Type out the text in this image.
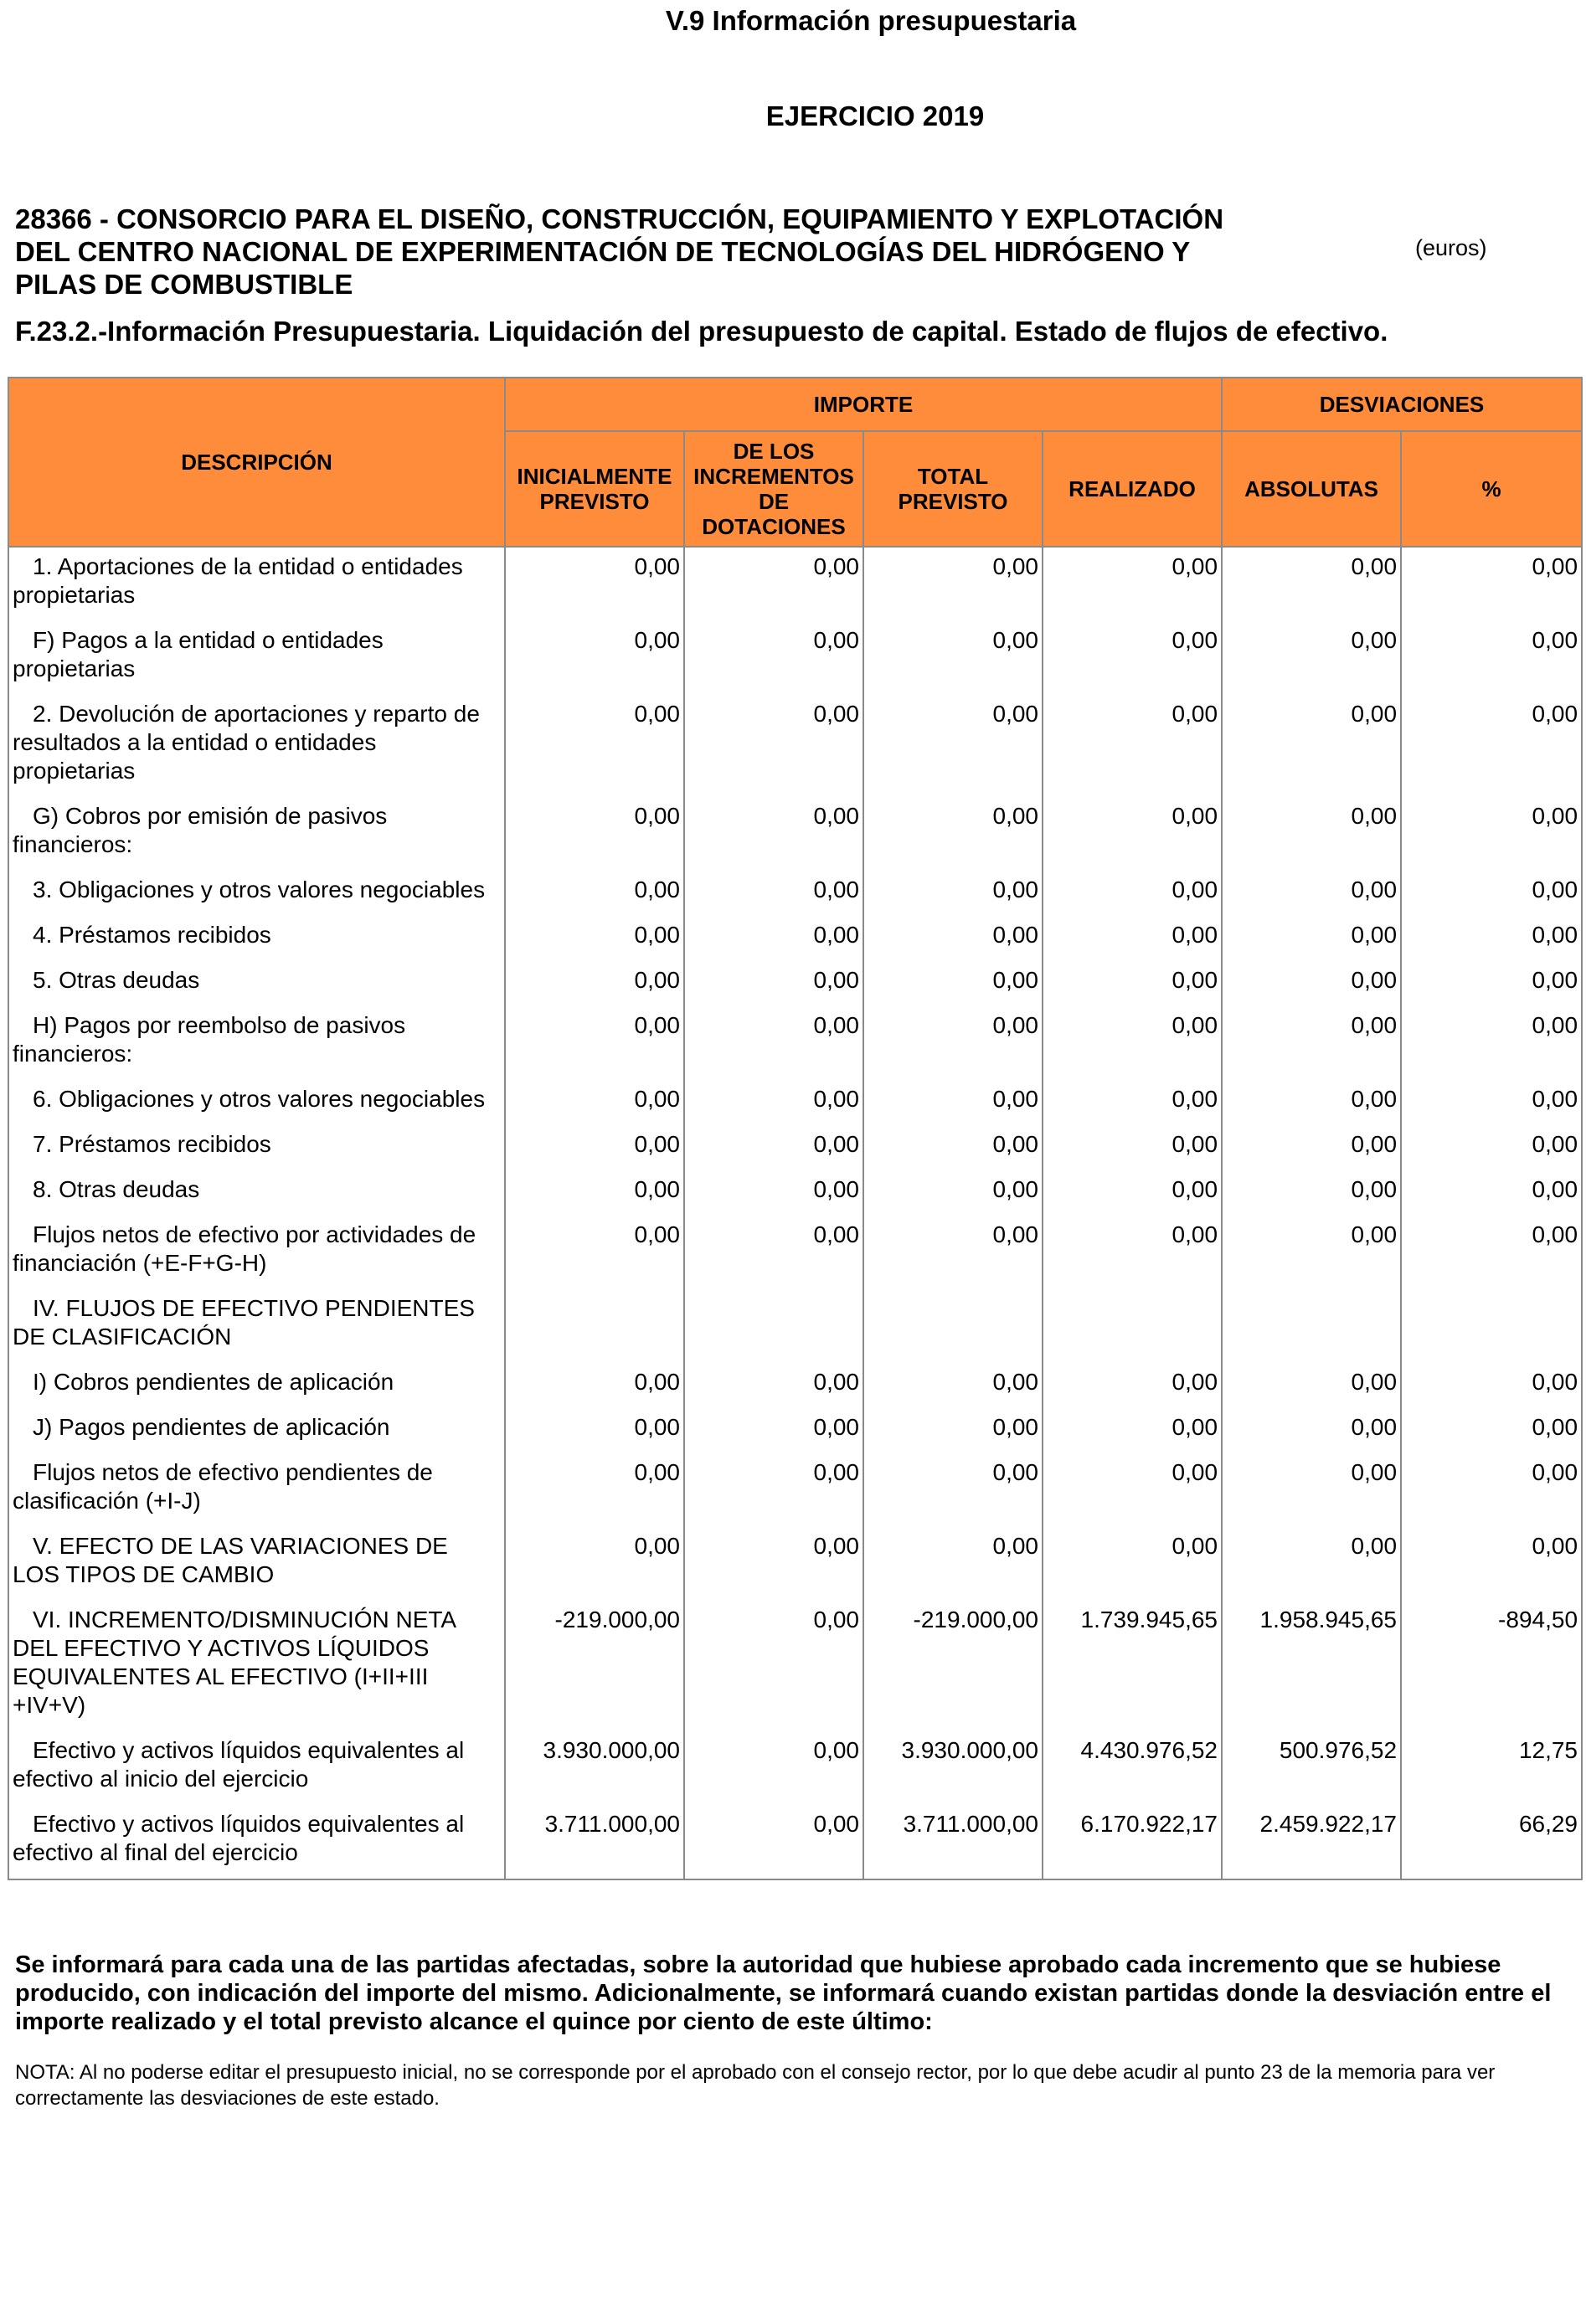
V.9 Información presupuestaria
EJERCICIO 2019
28366 - CONSORCIO PARA EL DISEÑO, CONSTRUCCIÓN, EQUIPAMIENTO Y EXPLOTACIÓN
DEL CENTRO NACIONAL DE EXPERIMENTACIÓN DE TECNOLOGÍAS DEL HIDRÓGENO Y
PILAS DE COMBUSTIBLE
(euros)
F.23.2.-Información Presupuestaria. Liquidación del presupuesto de capital. Estado de flujos de efectivo.
DESCRIPCIÓN	IMPORTE				DESVIACIONES	
	INICIALMENTE PREVISTO	DE LOS INCREMENTOS DE DOTACIONES	TOTAL PREVISTO	REALIZADO	ABSOLUTAS	%
1. Aportaciones de la entidad o entidades propietarias	0,00	0,00	0,00	0,00	0,00	0,00
F) Pagos a la entidad o entidades propietarias	0,00	0,00	0,00	0,00	0,00	0,00
2. Devolución de aportaciones y reparto de resultados a la entidad o entidades propietarias	0,00	0,00	0,00	0,00	0,00	0,00
G) Cobros por emisión de pasivos financieros:	0,00	0,00	0,00	0,00	0,00	0,00
3. Obligaciones y otros valores negociables	0,00	0,00	0,00	0,00	0,00	0,00
4. Préstamos recibidos	0,00	0,00	0,00	0,00	0,00	0,00
5. Otras deudas	0,00	0,00	0,00	0,00	0,00	0,00
H) Pagos por reembolso de pasivos financieros:	0,00	0,00	0,00	0,00	0,00	0,00
6. Obligaciones y otros valores negociables	0,00	0,00	0,00	0,00	0,00	0,00
7. Préstamos recibidos	0,00	0,00	0,00	0,00	0,00	0,00
8. Otras deudas	0,00	0,00	0,00	0,00	0,00	0,00
Flujos netos de efectivo por actividades de financiación (+E-F+G-H)	0,00	0,00	0,00	0,00	0,00	0,00
IV. FLUJOS DE EFECTIVO PENDIENTES DE CLASIFICACIÓN						
I) Cobros pendientes de aplicación	0,00	0,00	0,00	0,00	0,00	0,00
J) Pagos pendientes de aplicación	0,00	0,00	0,00	0,00	0,00	0,00
Flujos netos de efectivo pendientes de clasificación (+I-J)	0,00	0,00	0,00	0,00	0,00	0,00
V. EFECTO DE LAS VARIACIONES DE LOS TIPOS DE CAMBIO	0,00	0,00	0,00	0,00	0,00	0,00
VI. INCREMENTO/DISMINUCIÓN NETA DEL EFECTIVO Y ACTIVOS LÍQUIDOS EQUIVALENTES AL EFECTIVO (I+II+III +IV+V)	-219.000,00	0,00	-219.000,00	1.739.945,65	1.958.945,65	-894,50
Efectivo y activos líquidos equivalentes al efectivo al inicio del ejercicio	3.930.000,00	0,00	3.930.000,00	4.430.976,52	500.976,52	12,75
Efectivo y activos líquidos equivalentes al efectivo al final del ejercicio	3.711.000,00	0,00	3.711.000,00	6.170.922,17	2.459.922,17	66,29
Se informará para cada una de las partidas afectadas, sobre la autoridad que hubiese aprobado cada incremento que se hubiese producido, con indicación del importe del mismo. Adicionalmente, se informará cuando existan partidas donde la desviación entre el importe realizado y el total previsto alcance el quince por ciento de este último:
NOTA: Al no poderse editar el presupuesto inicial, no se corresponde por el aprobado con el consejo rector, por lo que debe acudir al punto 23 de la memoria para ver correctamente las desviaciones de este estado.
